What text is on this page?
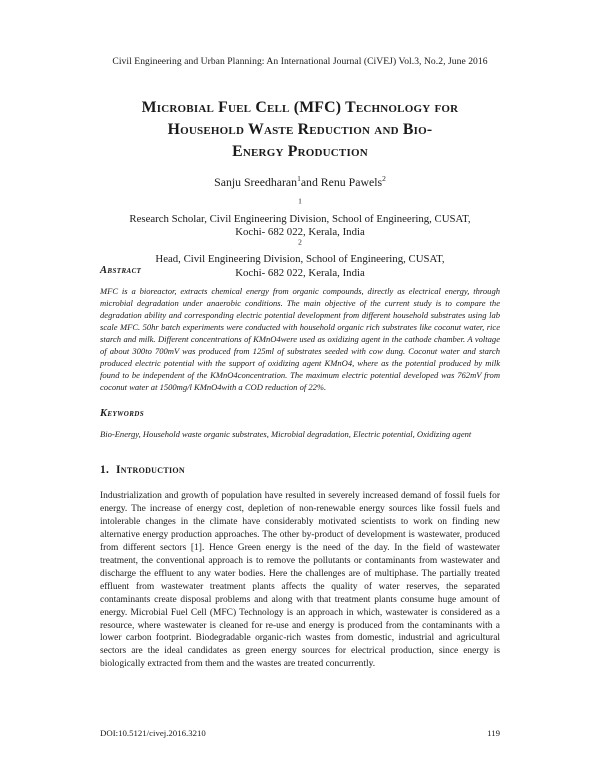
Civil Engineering and Urban Planning: An International Journal (CiVEJ) Vol.3, No.2, June 2016
Microbial Fuel Cell (MFC) Technology for
Household Waste Reduction and Bio-
Energy Production
Sanju Sreedharan$^1$and Renu Pawels$^2$
$^1$
Research Scholar, Civil Engineering Division, School of Engineering, CUSAT,
Kochi- 682 022, Kerala, India
$^2$
Head, Civil Engineering Division, School of Engineering, CUSAT,
Kochi- 682 022, Kerala, India
Abstract
MFC is a bioreactor, extracts chemical energy from organic compounds, directly as electrical energy, through microbial degradation under anaerobic conditions. The main objective of the current study is to compare the degradation ability and corresponding electric potential development from different household substrates using lab scale MFC. 50hr batch experiments were conducted with household organic rich substrates like coconut water, rice starch and milk. Different concentrations of KMnO4were used as oxidizing agent in the cathode chamber. A voltage of about 300to 700mV was produced from 125ml of substrates seeded with cow dung. Coconut water and starch produced electric potential with the support of oxidizing agent KMnO4, where as the potential produced by milk found to be independent of the KMnO4concentration. The maximum electric potential developed was 762mV from coconut water at 1500mg/l KMnO4with a COD reduction of 22%.
Keywords
Bio-Energy, Household waste organic substrates, Microbial degradation, Electric potential, Oxidizing agent
1. Introduction
Industrialization and growth of population have resulted in severely increased demand of fossil fuels for energy. The increase of energy cost, depletion of non-renewable energy sources like fossil fuels and intolerable changes in the climate have considerably motivated scientists to work on finding new alternative energy production approaches. The other by-product of development is wastewater, produced from different sectors [1]. Hence Green energy is the need of the day. In the field of wastewater treatment, the conventional approach is to remove the pollutants or contaminants from wastewater and discharge the effluent to any water bodies. Here the challenges are of multiphase. The partially treated effluent from wastewater treatment plants affects the quality of water reserves, the separated contaminants create disposal problems and along with that treatment plants consume huge amount of energy. Microbial Fuel Cell (MFC) Technology is an approach in which, wastewater is considered as a resource, where wastewater is cleaned for re-use and energy is produced from the contaminants with a lower carbon footprint. Biodegradable organic-rich wastes from domestic, industrial and agricultural sectors are the ideal candidates as green energy sources for electrical production, since energy is biologically extracted from them and the wastes are treated concurrently.
DOI:10.5121/civej.2016.3210	119
